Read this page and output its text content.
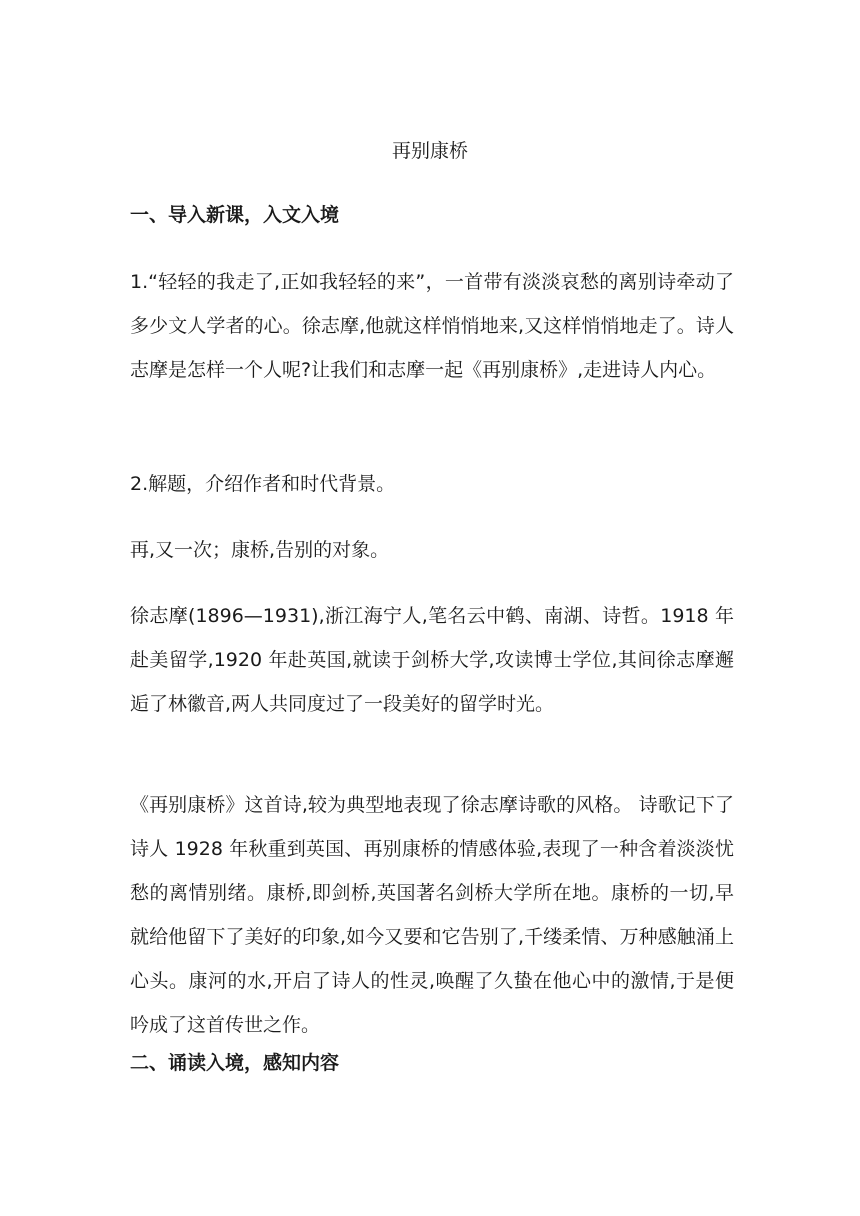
再别康桥
一、导入新课，入文入境

1.“轻轻的我走了,正如我轻轻的来”，一首带有淡淡哀愁的离别诗牵动了多少文人学者的心。徐志摩,他就这样悄悄地来,又这样悄悄地走了。诗人志摩是怎样一个人呢?让我们和志摩一起《再别康桥》,走进诗人内心。

2.解题，介绍作者和时代背景。

再,又一次；康桥,告别的对象。

徐志摩(1896—1931),浙江海宁人,笔名云中鹤、南湖、诗哲。1918 年赴美留学,1920 年赴英国,就读于剑桥大学,攻读博士学位,其间徐志摩邂逅了林徽音,两人共同度过了一段美好的留学时光。

《再别康桥》这首诗,较为典型地表现了徐志摩诗歌的风格。 诗歌记下了诗人 1928 年秋重到英国、再别康桥的情感体验,表现了一种含着淡淡忧愁的离情别绪。康桥,即剑桥,英国著名剑桥大学所在地。康桥的一切,早就给他留下了美好的印象,如今又要和它告别了,千缕柔情、万种感触涌上心头。康河的水,开启了诗人的性灵,唤醒了久蛰在他心中的激情,于是便吟成了这首传世之作。

二、诵读入境，感知内容
